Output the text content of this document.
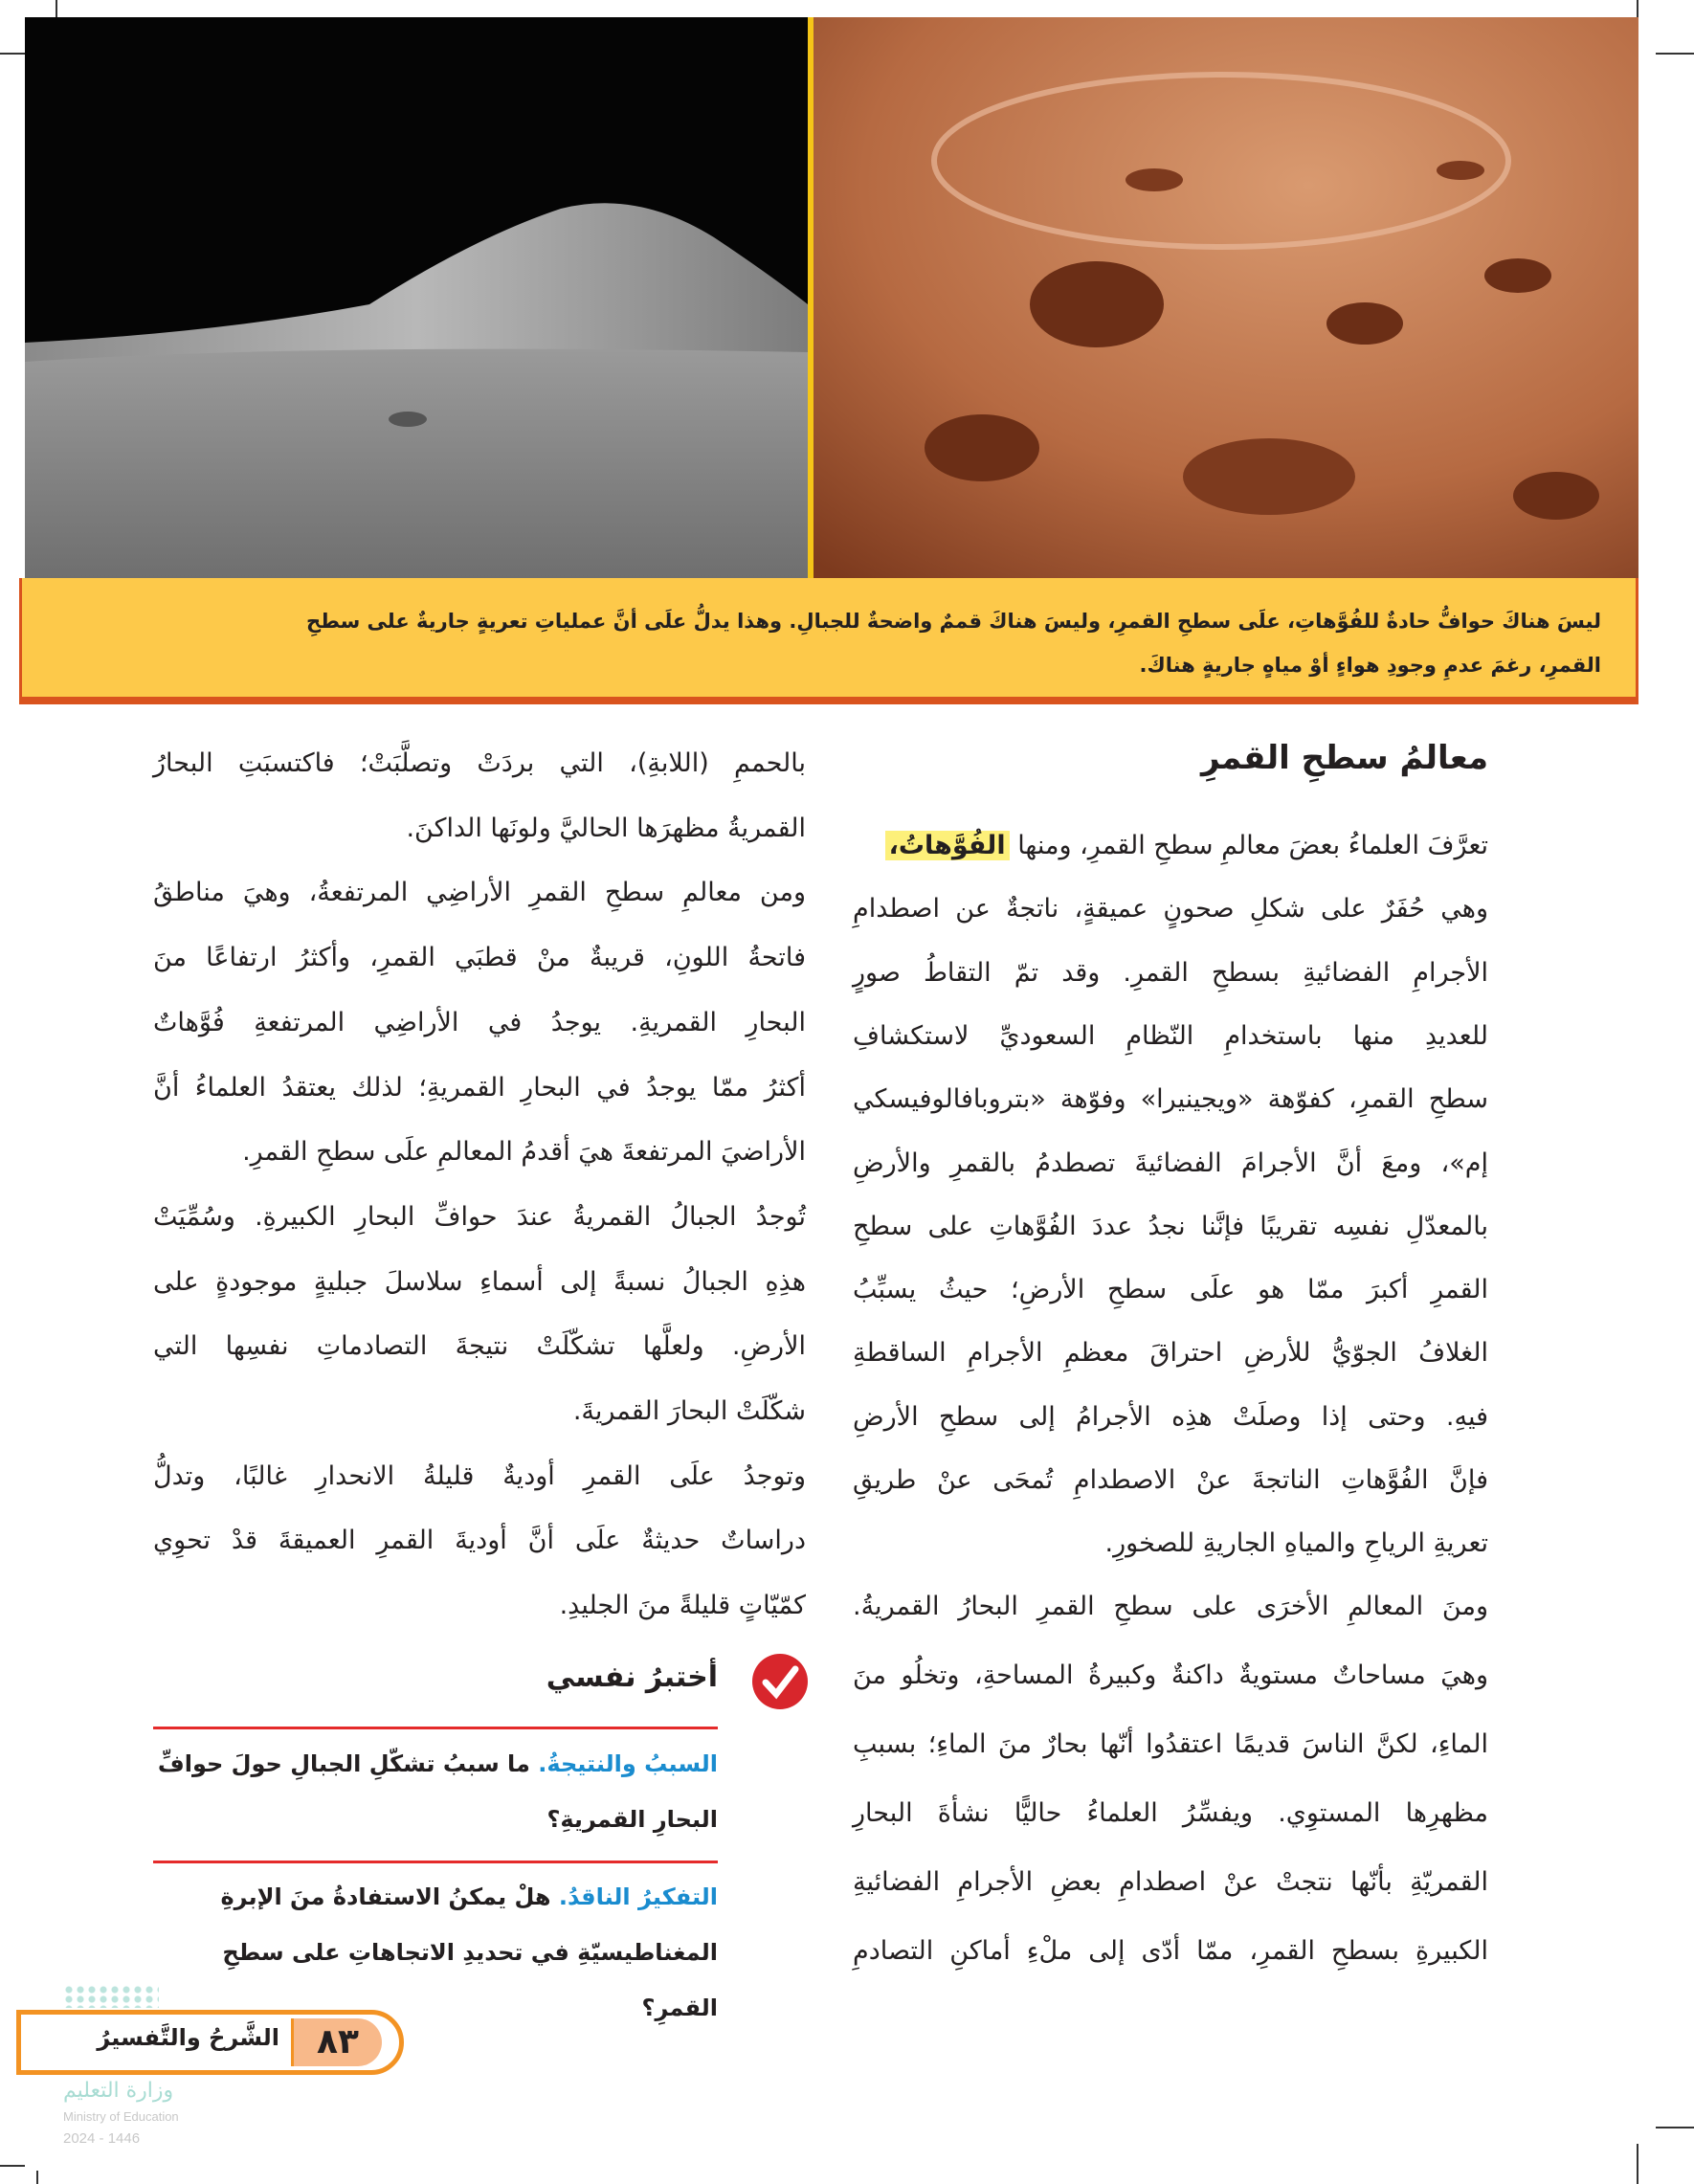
ليسَ هناكَ حوافُّ حادةٌ للفُوَّهاتِ، علَى سطحِ القمرِ، وليسَ هناكَ قممٌ واضحةٌ للجبالِ. وهذا يدلُّ علَى أنَّ عملياتِ تعريةٍ جاريةٌ على سطحِ
القمرِ، رغمَ عدمِ وجودِ هواءٍ أوْ مياهٍ جاريةٍ هناكَ.
معالمُ سطحِ القمرِ
تعرَّفَ العلماءُ بعضَ معالمِ سطحِ القمرِ، ومنها الفُوَّهاتُ،
وهي حُفَرٌ على شكلِ صحونٍ عميقةٍ، ناتجةٌ عن اصطدامِ
الأجرامِ الفضائيةِ بسطحِ القمرِ. وقد تمّ التقاطُ صورٍ
للعديدِ منها باستخدامِ النّظامِ السعوديِّ لاستكشافِ
سطحِ القمرِ، كفوّهة «ويجينيرا» وفوّهة «بتروبافالوفيسكي
إم»، ومعَ أنَّ الأجرامَ الفضائيةَ تصطدمُ بالقمرِ والأرضِ
بالمعدّلِ نفسِه تقريبًا فإنَّنا نجدُ عددَ الفُوَّهاتِ على سطحِ
القمرِ أكبرَ ممّا هو علَى سطحِ الأرضِ؛ حيثُ يسبِّبُ
الغلافُ الجوّيُّ للأرضِ احتراقَ معظمِ الأجرامِ الساقطةِ
فيهِ. وحتى إذا وصلَتْ هذِه الأجرامُ إلى سطحِ الأرضِ
فإنَّ الفُوَّهاتِ الناتجةَ عنْ الاصطدامِ تُمحَى عنْ طريقِ
تعريةِ الرياحِ والمياهِ الجاريةِ للصخورِ.
ومنَ المعالمِ الأخرَى على سطحِ القمرِ البحارُ القمريةُ.
وهيَ مساحاتٌ مستويةٌ داكنةٌ وكبيرةُ المساحةِ، وتخلُو منَ
الماءِ، لكنَّ الناسَ قديمًا اعتقدُوا أنّها بحارٌ منَ الماءِ؛ بسببِ
مظهرِها المستوِي. ويفسِّرُ العلماءُ حاليًّا نشأةَ البحارِ
القمريّةِ بأنّها نتجتْ عنْ اصطدامِ بعضِ الأجرامِ الفضائيةِ
الكبيرةِ بسطحِ القمرِ، ممّا أدّى إلى ملْءِ أماكنِ التصادمِ
بالحممِ (اللابةِ)، التي بردَتْ وتصلَّبَتْ؛ فاكتسبَتِ البحارُ
القمريةُ مظهرَها الحاليَّ ولونَها الداكنَ.
ومن معالمِ سطحِ القمرِ الأراضِي المرتفعةُ، وهيَ مناطقُ
فاتحةُ اللونِ، قريبةٌ منْ قطبَي القمرِ، وأكثرُ ارتفاعًا منَ
البحارِ القمريةِ. يوجدُ في الأراضِي المرتفعةِ فُوَّهاتٌ
أكثرُ ممّا يوجدُ في البحارِ القمريةِ؛ لذلك يعتقدُ العلماءُ أنَّ
الأراضيَ المرتفعةَ هيَ أقدمُ المعالمِ علَى سطحِ القمرِ.
تُوجدُ الجبالُ القمريةُ عندَ حوافِّ البحارِ الكبيرةِ. وسُمِّيَتْ
هذِهِ الجبالُ نسبةً إلى أسماءِ سلاسلَ جبليةٍ موجودةٍ على
الأرضِ. ولعلَّها تشكّلَتْ نتيجةَ التصادماتِ نفسِها التي
شكّلَتْ البحارَ القمريةَ.
وتوجدُ علَى القمرِ أوديةٌ قليلةُ الانحدارِ غالبًا، وتدلُّ
دراساتٌ حديثةٌ علَى أنَّ أوديةَ القمرِ العميقةَ قدْ تحوِي
كمّيّاتٍ قليلةً منَ الجليدِ.
أختبرُ نفسي
السببُ والنتيجةُ. ما سببُ تشكّلِ الجبالِ حولَ حوافِّ البحارِ القمريةِ؟
التفكيرُ الناقدُ. هلْ يمكنُ الاستفادةُ منَ الإبرةِ المغناطيسيّةِ في تحديدِ الاتجاهاتِ على سطحِ القمرِ؟
٨٣
الشَّرحُ والتَّفسيرُ
وزارة التعليم
Ministry of Education
2024 - 1446
